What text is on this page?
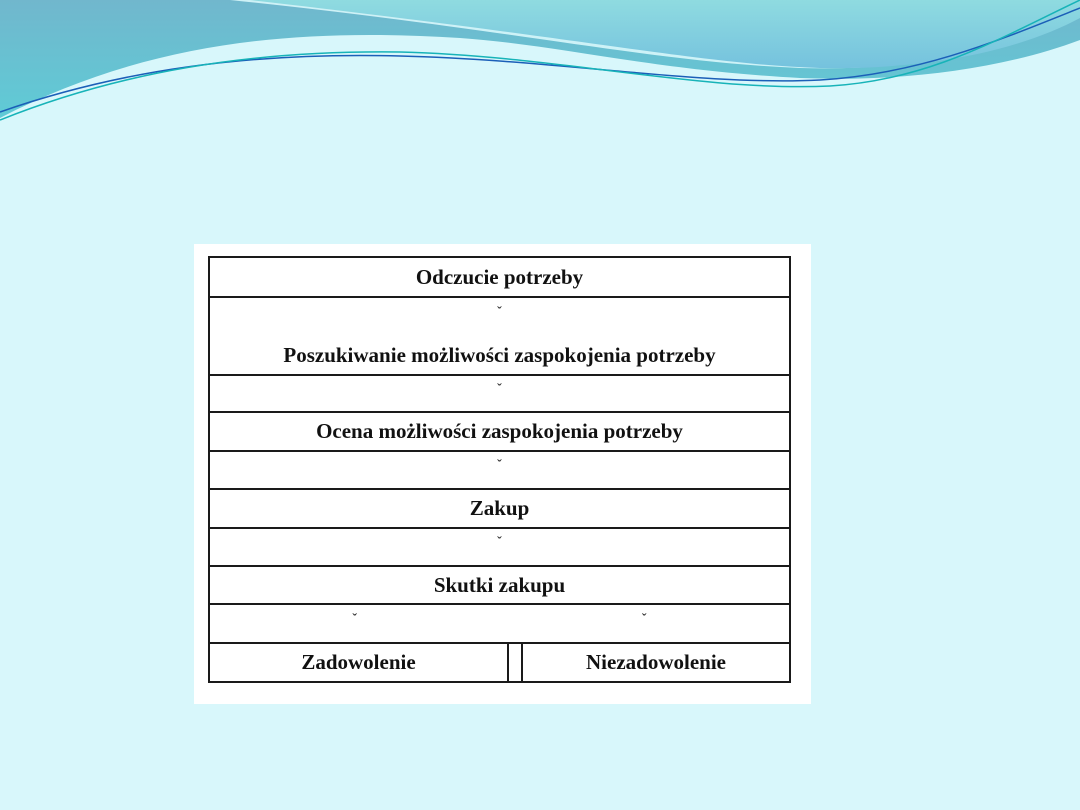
Odczucie potrzeby
ˇ
Poszukiwanie możliwości zaspokojenia potrzeby
ˇ
Ocena możliwości zaspokojenia potrzeby
ˇ
Zakup
ˇ
Skutki zakupu
ˇ	ˇ
Zadowolenie	Niezadowolenie
